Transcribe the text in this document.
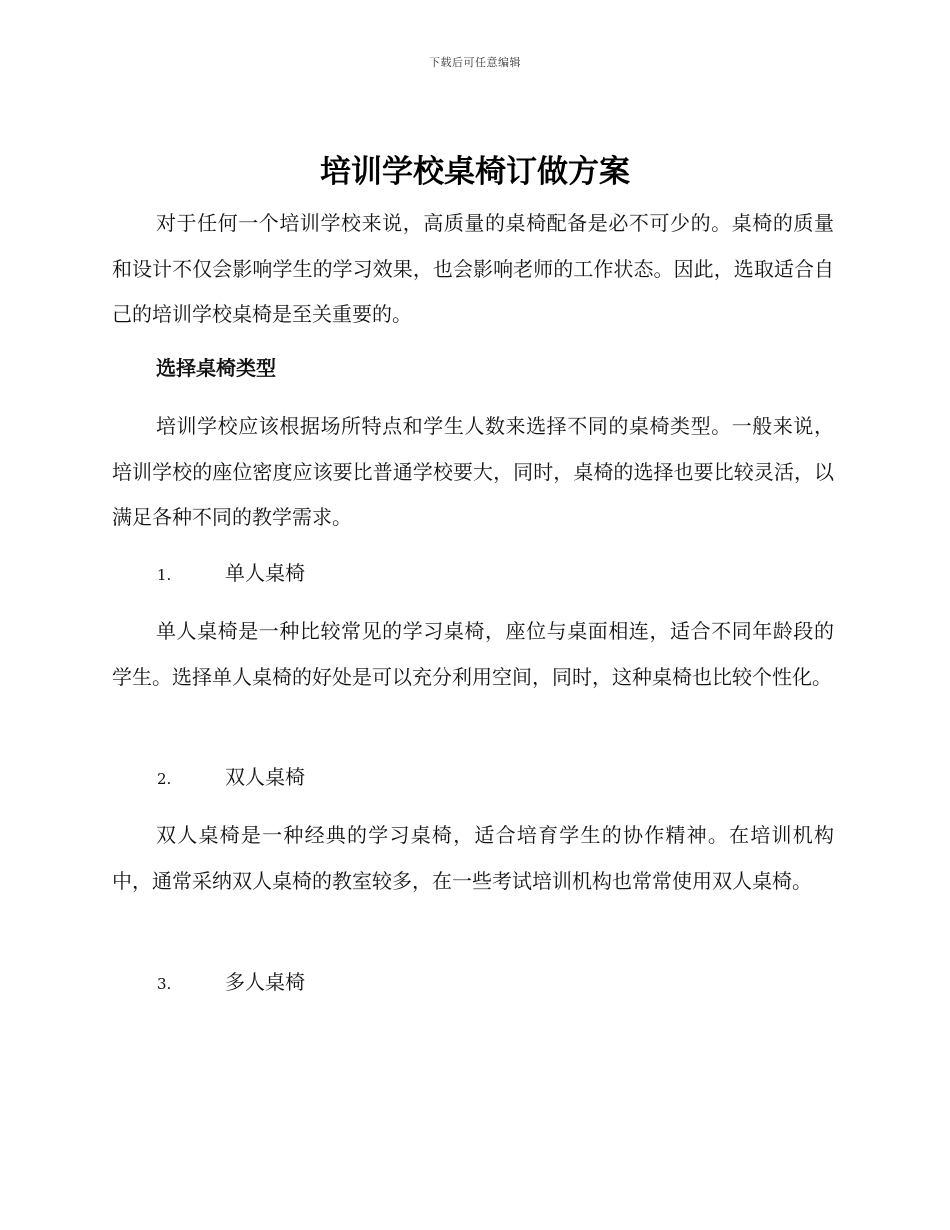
下载后可任意编辑
培训学校桌椅订做方案

对于任何一个培训学校来说，高质量的桌椅配备是必不可少的。桌椅的质量和设计不仅会影响学生的学习效果，也会影响老师的工作状态。因此，选取适合自己的培训学校桌椅是至关重要的。

选择桌椅类型

培训学校应该根据场所特点和学生人数来选择不同的桌椅类型。一般来说，培训学校的座位密度应该要比普通学校要大，同时，桌椅的选择也要比较灵活，以满足各种不同的教学需求。

1.	单人桌椅

单人桌椅是一种比较常见的学习桌椅，座位与桌面相连，适合不同年龄段的学生。选择单人桌椅的好处是可以充分利用空间，同时，这种桌椅也比较个性化。

2.	双人桌椅

双人桌椅是一种经典的学习桌椅，适合培育学生的协作精神。在培训机构中，通常采纳双人桌椅的教室较多，在一些考试培训机构也常常使用双人桌椅。

3.	多人桌椅
